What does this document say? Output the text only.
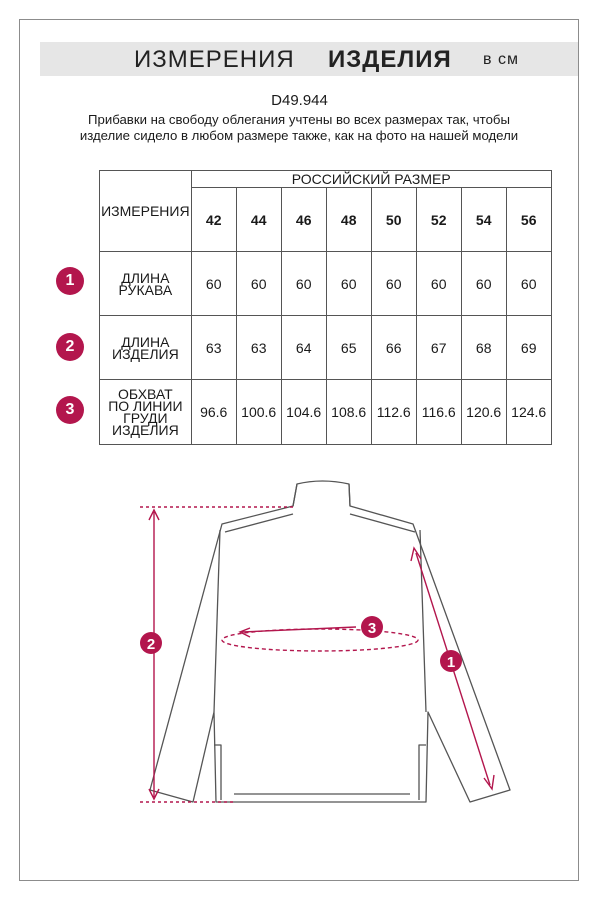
ИЗМЕРЕНИЯ ИЗДЕЛИЯ в см
D49.944
Прибавки на свободу облегания учтены во всех размерах так, чтобы изделие сидело в любом размере также, как на фото на нашей модели
1
2
3
ИЗМЕРЕНИЯ	РОССИЙСКИЙ РАЗМЕР							
	42	44	46	48	50	52	54	56
ДЛИНА РУКАВА	60	60	60	60	60	60	60	60
ДЛИНА ИЗДЕЛИЯ	63	63	64	65	66	67	68	69
ОБХВАТ ПО ЛИНИИ ГРУДИ ИЗДЕЛИЯ	96.6	100.6	104.6	108.6	112.6	116.6	120.6	124.6
2
3
1
